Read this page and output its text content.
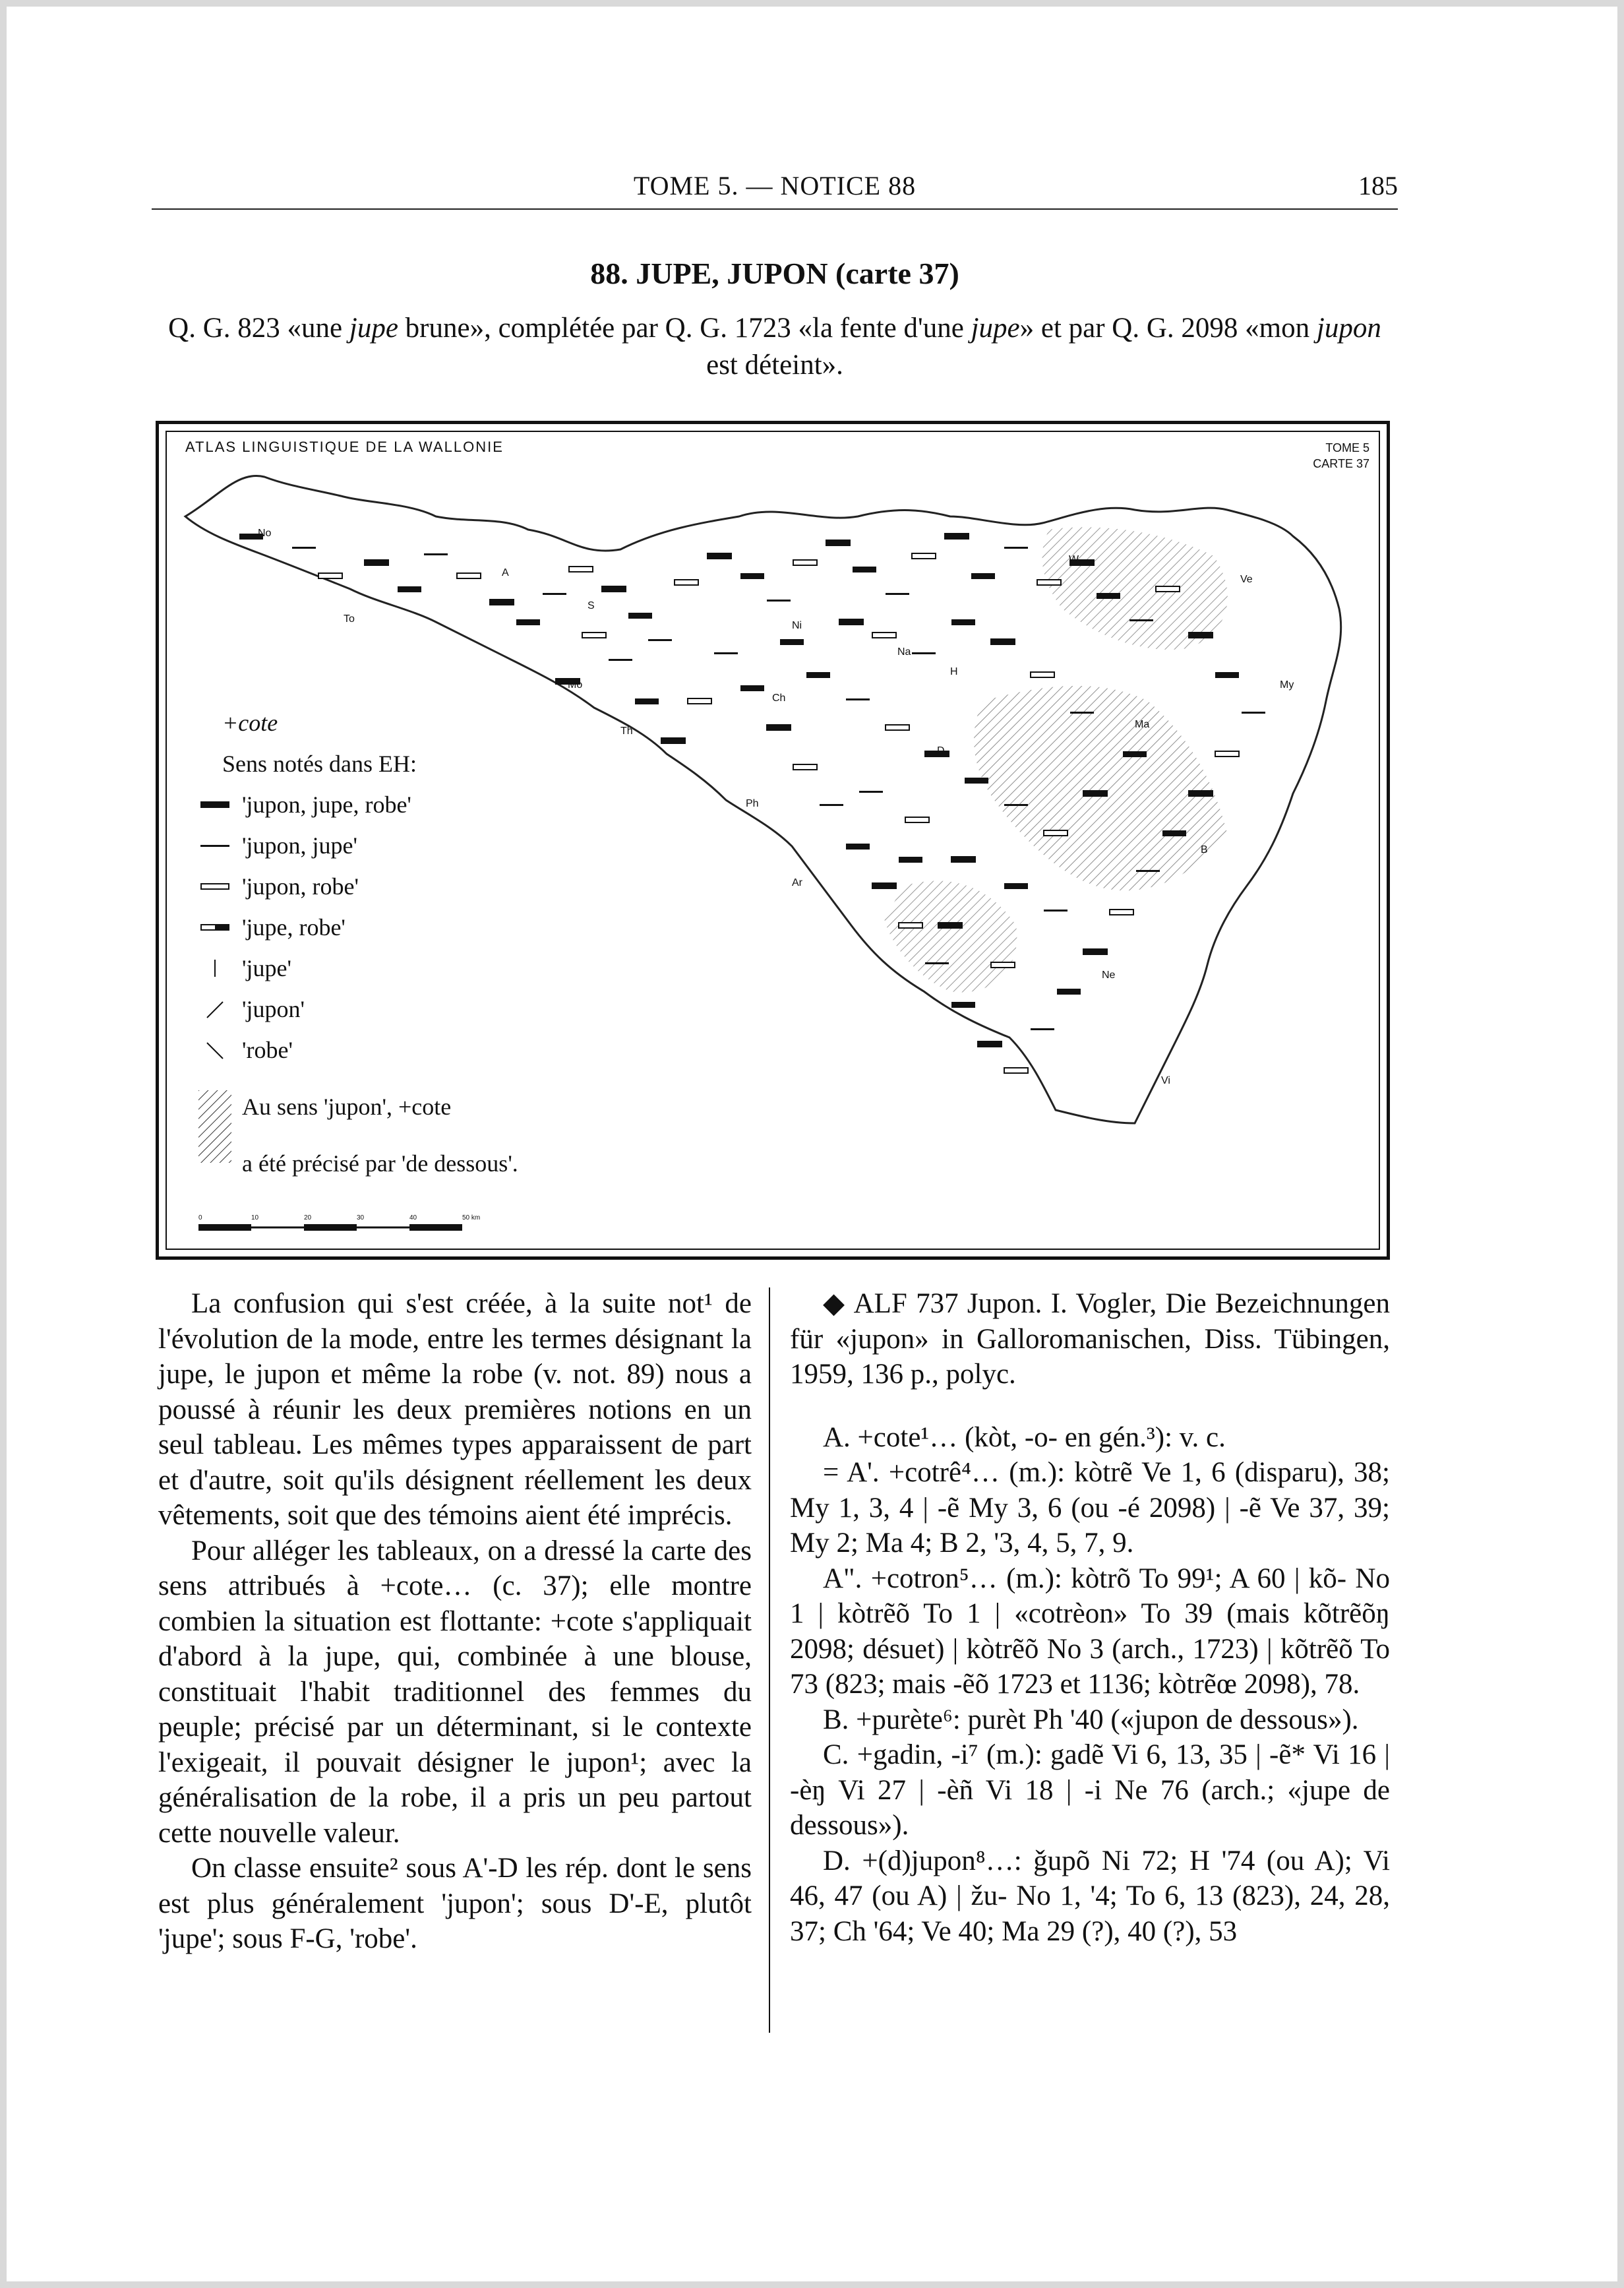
TOME 5. — NOTICE 88	185
88. JUPE, JUPON (carte 37)
Q. G. 823 «une jupe brune», complétée par Q. G. 1723 «la fente d'une jupe» et par Q. G. 2098 «mon jupon est déteint».
No
To
A
S
Mo
Ni
Th
Ch
Na
W
Ve
H
My
Ma
D
Ph
Ar
B
Ne
Vi
0	10	20	30	40	50 km
ATLAS LINGUISTIQUE DE LA WALLONIE	TOME 5
CARTE 37
+cote
Sens notés dans EH:
'jupon, jupe, robe'
'jupon, jupe'
'jupon, robe'
'jupe, robe'
'jupe'
'jupon'
'robe'
Au sens 'jupon', +cote
a été précisé par 'de dessous'.

La confusion qui s'est créée, à la suite not¹ de l'évolution de la mode, entre les termes désignant la jupe, le jupon et même la robe (v. not. 89) nous a poussé à réunir les deux premières notions en un seul tableau. Les mêmes types apparaissent de part et d'autre, soit qu'ils désignent réellement les deux vêtements, soit que des témoins aient été imprécis.

Pour alléger les tableaux, on a dressé la carte des sens attribués à +cote… (c. 37); elle montre combien la situation est flottante: +cote s'appliquait d'abord à la jupe, qui, combinée à une blouse, constituait l'habit traditionnel des femmes du peuple; précisé par un déterminant, si le contexte l'exigeait, il pouvait désigner le jupon¹; avec la généralisation de la robe, il a pris un peu partout cette nouvelle valeur.

On classe ensuite² sous A'-D les rép. dont le sens est plus généralement 'jupon'; sous D'-E, plutôt 'jupe'; sous F-G, 'robe'.

◆ ALF 737 Jupon. I. Vogler, Die Bezeichnungen für «jupon» in Galloromanischen, Diss. Tübingen, 1959, 136 p., polyc.

A. +cote¹… (kòt, -o- en gén.³): v. c.

= A'. +cotrê⁴… (m.): kòtrẽ Ve 1, 6 (disparu), 38; My 1, 3, 4 | -ẽ My 3, 6 (ou -é 2098) | -ẽ Ve 37, 39; My 2; Ma 4; B 2, '3, 4, 5, 7, 9.

A". +cotron⁵… (m.): kòtrõ To 99¹; A 60 | kõ- No 1 | kòtrẽõ To 1 | «cotrèon» To 39 (mais kõtrẽõŋ 2098; désuet) | kòtrẽõ No 3 (arch., 1723) | kõtrẽõ To 73 (823; mais -ẽõ 1723 et 1136; kòtrẽœ 2098), 78.

B. +purète⁶: purèt Ph '40 («jupon de dessous»).

C. +gadin, -i⁷ (m.): gadẽ Vi 6, 13, 35 | -ẽ* Vi 16 | -èŋ Vi 27 | -èñ Vi 18 | -i Ne 76 (arch.; «jupe de dessous»).

D. +(d)jupon⁸…: ǧupõ Ni 72; H '74 (ou A); Vi 46, 47 (ou A) | žu- No 1, '4; To 6, 13 (823), 24, 28, 37; Ch '64; Ve 40; Ma 29 (?), 40 (?), 53
